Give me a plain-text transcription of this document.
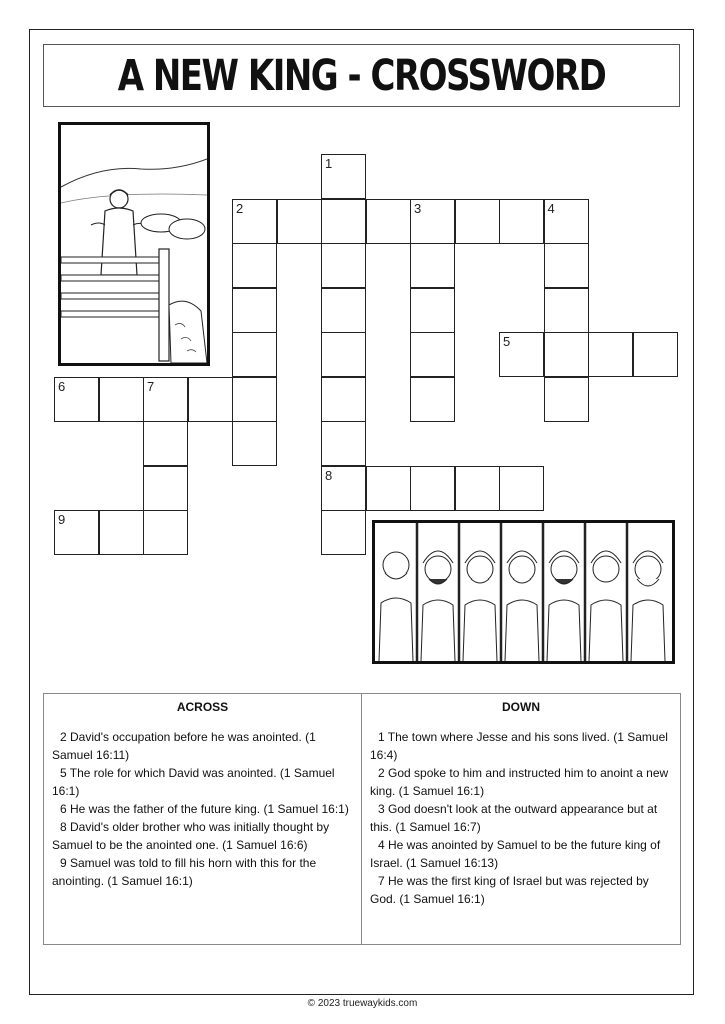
A NEW KING - CROSSWORD
1
2	3	4
5
6	7
8
9
ACROSS
2 David's occupation before he was anointed. (1 Samuel 16:11)
5 The role for which David was anointed. (1 Samuel 16:1)
6 He was the father of the future king. (1 Samuel 16:1)
8 David's older brother who was initially thought by Samuel to be the anointed one. (1 Samuel 16:6)
9 Samuel was told to fill his horn with this for the anointing. (1 Samuel 16:1)
DOWN
1 The town where Jesse and his sons lived. (1 Samuel 16:4)
2 God spoke to him and instructed him to anoint a new king. (1 Samuel 16:1)
3 God doesn't look at the outward appearance but at this. (1 Samuel 16:7)
4 He was anointed by Samuel to be the future king of Israel. (1 Samuel 16:13)
7 He was the first king of Israel but was rejected by God. (1 Samuel 16:1)
© 2023 truewaykids.com
